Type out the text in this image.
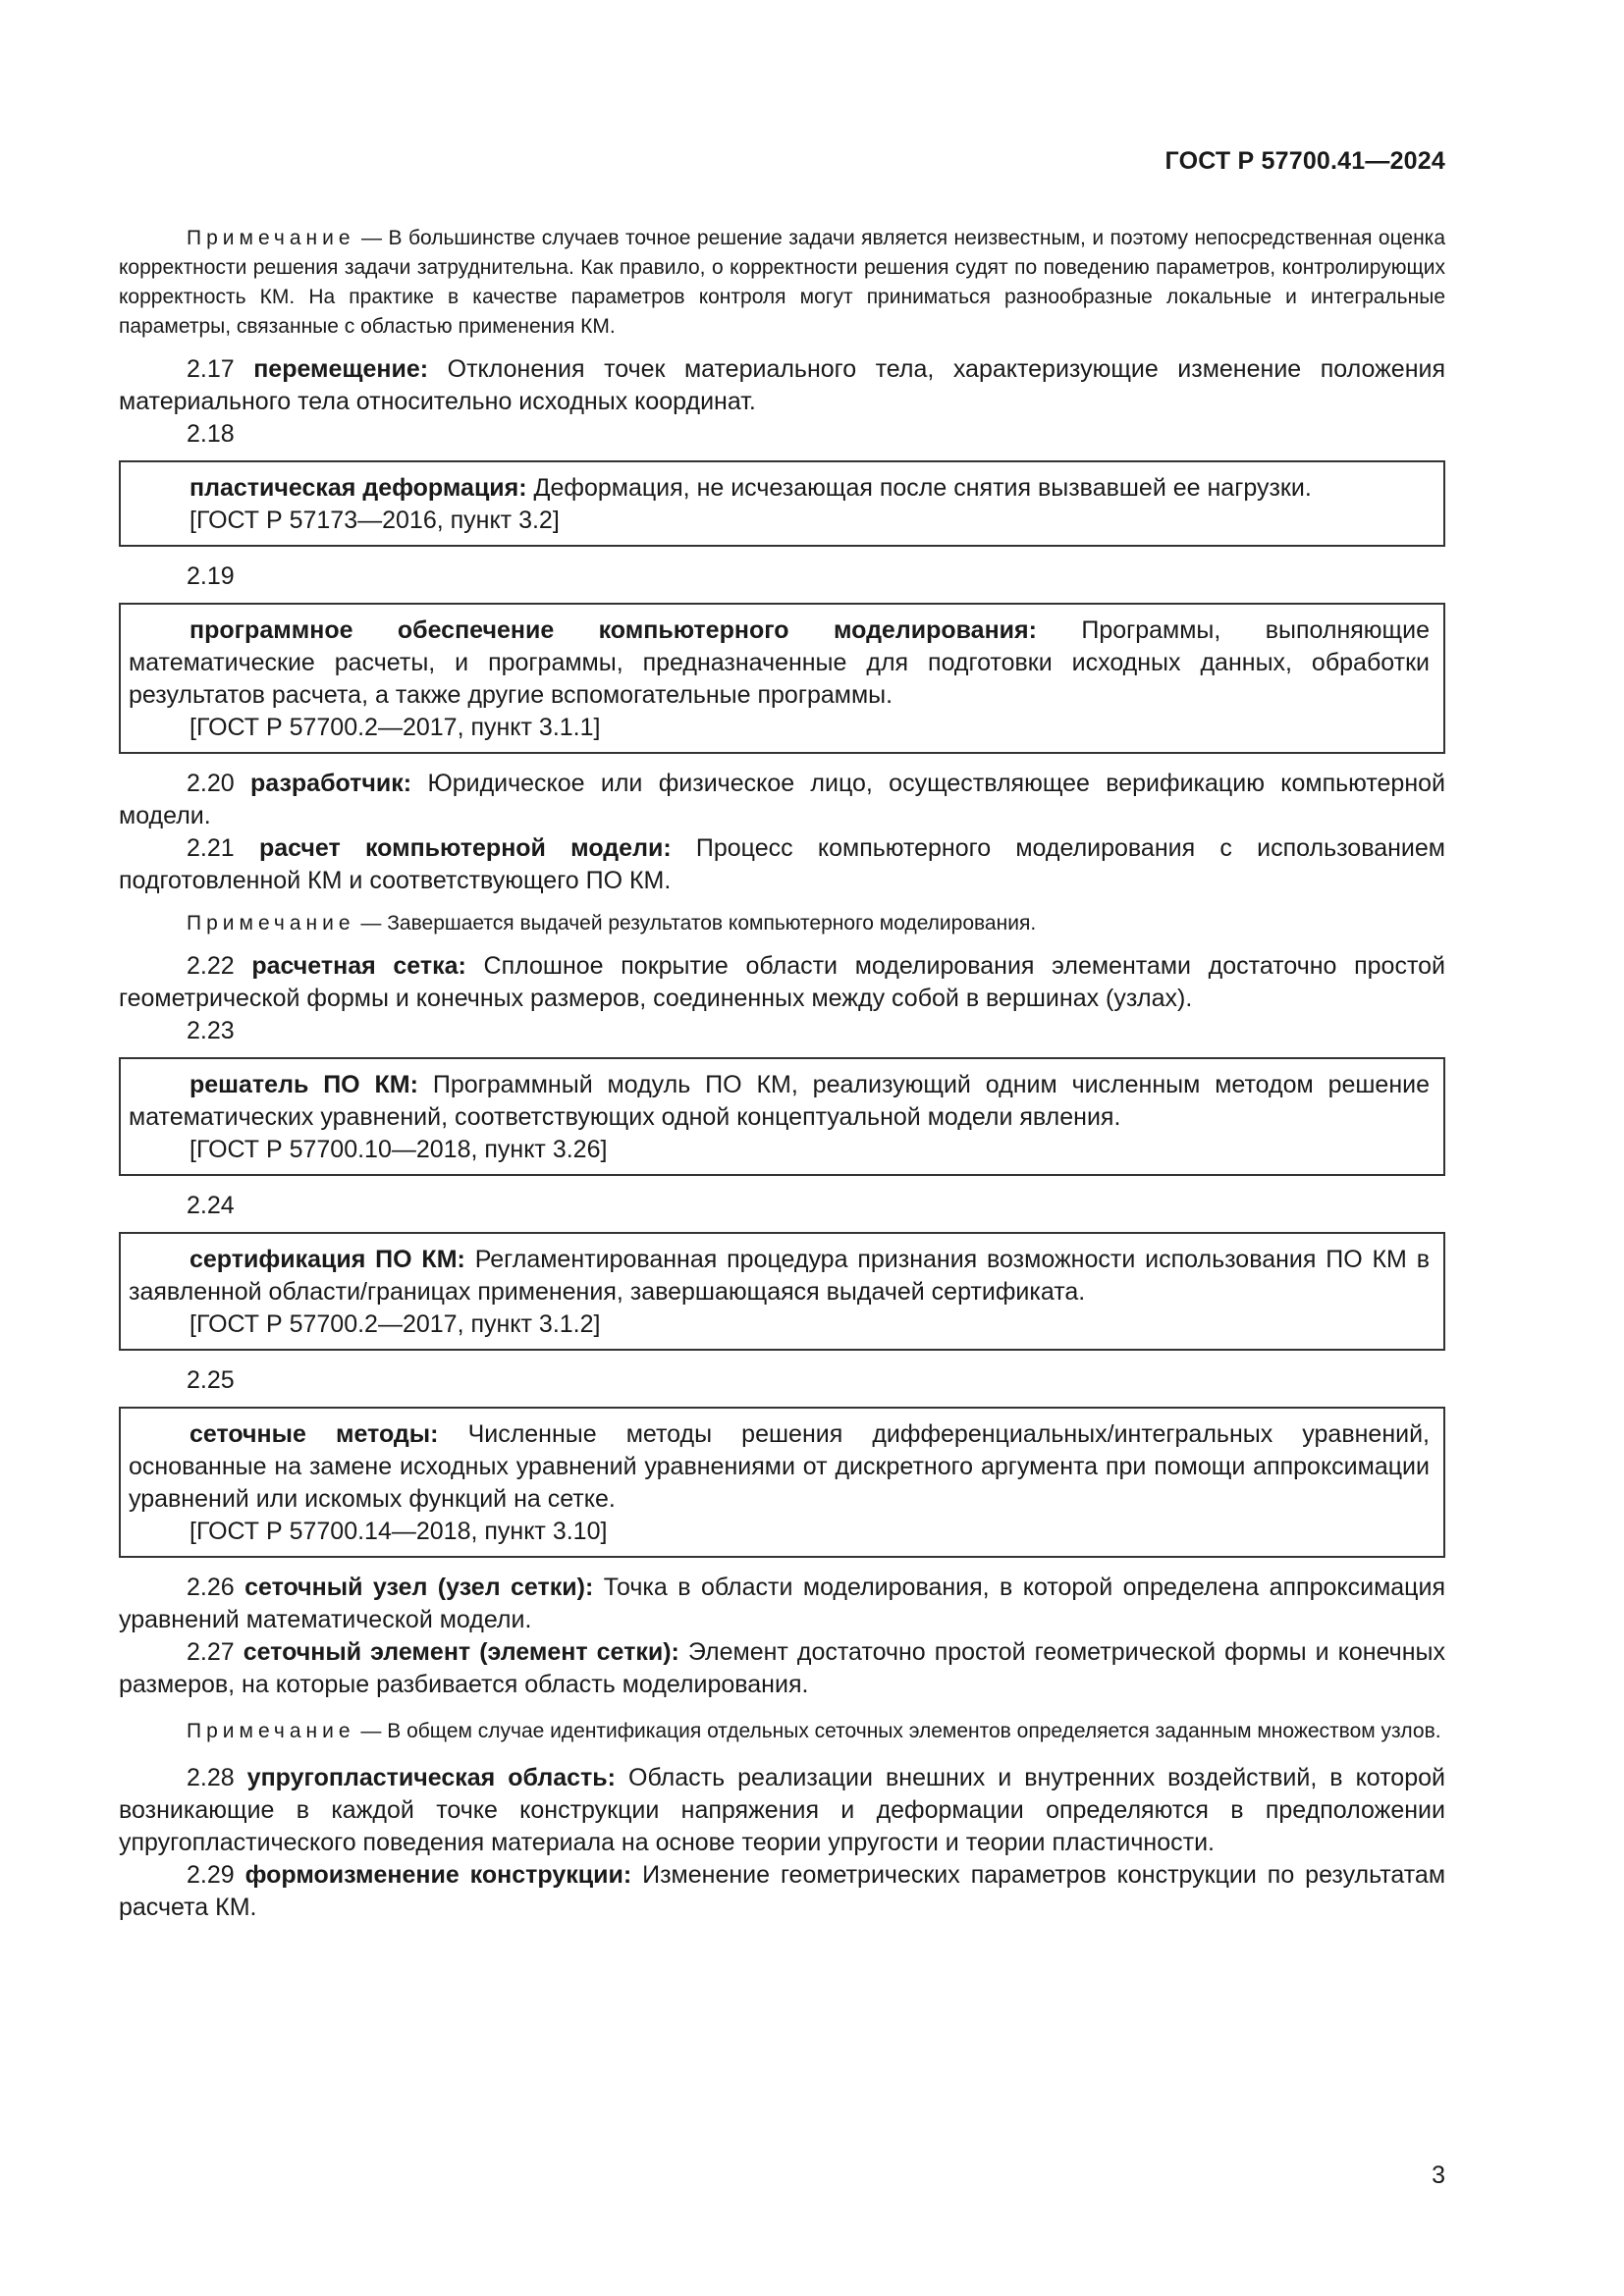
ГОСТ Р 57700.41—2024

Примечание — В большинстве случаев точное решение задачи является неизвестным, и поэтому непосредственная оценка корректности решения задачи затруднительна. Как правило, о корректности решения судят по поведению параметров, контролирующих корректность КМ. На практике в качестве параметров контроля могут приниматься разнообразные локальные и интегральные параметры, связанные с областью применения КМ.

2.17 перемещение: Отклонения точек материального тела, характеризующие изменение положения материального тела относительно исходных координат.

2.18

пластическая деформация: Деформация, не исчезающая после снятия вызвавшей ее нагрузки.

[ГОСТ Р 57173—2016, пункт 3.2]
2.19

программное обеспечение компьютерного моделирования: Программы, выполняющие математические расчеты, и программы, предназначенные для подготовки исходных данных, обработки результатов расчета, а также другие вспомогательные программы.

[ГОСТ Р 57700.2—2017, пункт 3.1.1]

2.20 разработчик: Юридическое или физическое лицо, осуществляющее верификацию компьютерной модели.

2.21 расчет компьютерной модели: Процесс компьютерного моделирования с использованием подготовленной КМ и соответствующего ПО КМ.

Примечание — Завершается выдачей результатов компьютерного моделирования.

2.22 расчетная сетка: Сплошное покрытие области моделирования элементами достаточно простой геометрической формы и конечных размеров, соединенных между собой в вершинах (узлах).

2.23

решатель ПО КМ: Программный модуль ПО КМ, реализующий одним численным методом решение математических уравнений, соответствующих одной концептуальной модели явления.

[ГОСТ Р 57700.10—2018, пункт 3.26]
2.24

сертификация ПО КМ: Регламентированная процедура признания возможности использования ПО КМ в заявленной области/границах применения, завершающаяся выдачей сертификата.

[ГОСТ Р 57700.2—2017, пункт 3.1.2]
2.25

сеточные методы: Численные методы решения дифференциальных/интегральных уравнений, основанные на замене исходных уравнений уравнениями от дискретного аргумента при помощи аппроксимации уравнений или искомых функций на сетке.

[ГОСТ Р 57700.14—2018, пункт 3.10]

2.26 сеточный узел (узел сетки): Точка в области моделирования, в которой определена аппроксимация уравнений математической модели.

2.27 сеточный элемент (элемент сетки): Элемент достаточно простой геометрической формы и конечных размеров, на которые разбивается область моделирования.

Примечание — В общем случае идентификация отдельных сеточных элементов определяется заданным множеством узлов.

2.28 упругопластическая область: Область реализации внешних и внутренних воздействий, в которой возникающие в каждой точке конструкции напряжения и деформации определяются в предположении упругопластического поведения материала на основе теории упругости и теории пластичности.

2.29 формоизменение конструкции: Изменение геометрических параметров конструкции по результатам расчета КМ.

3
